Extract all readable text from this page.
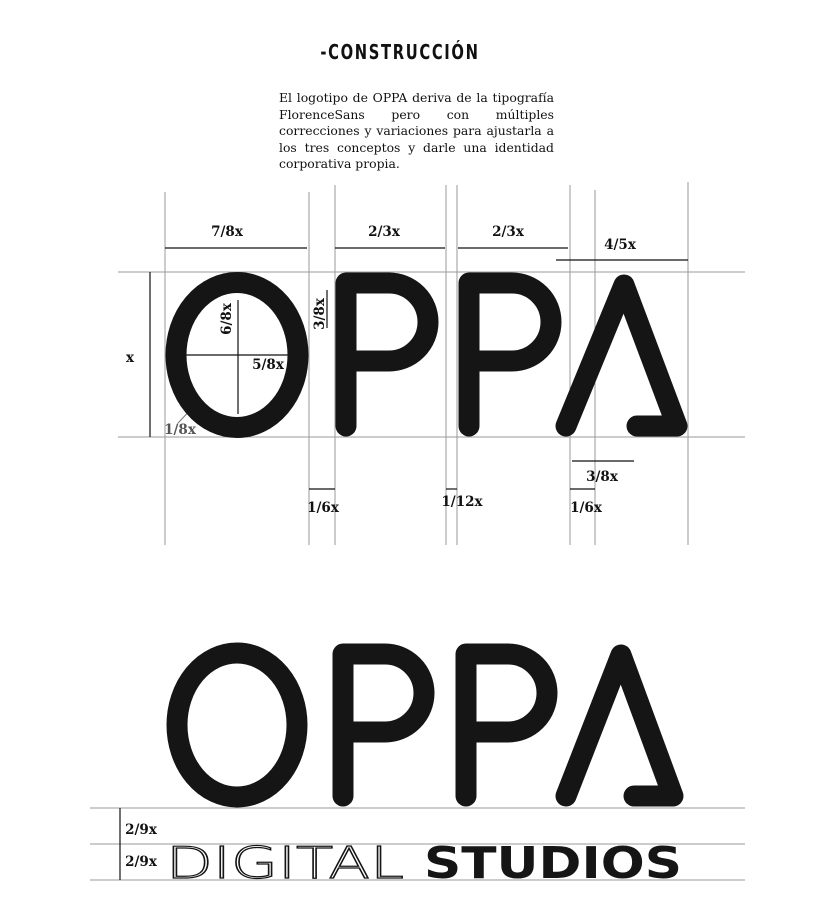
-CONSTRUCCIÓN

El logotipo de OPPA deriva de la tipografía FlorenceSans pero con múltiples correcciones y variaciones para ajustarla a los tres conceptos y darle una identidad corporativa propia.

7/8x	2/3x	2/3x
4/5x
x
6/8x
5/8x
1/8x
3/8x
1/6x	1/12x	1/6x
3/8x
2/9x
2/9x DIGITAL STUDIOS
